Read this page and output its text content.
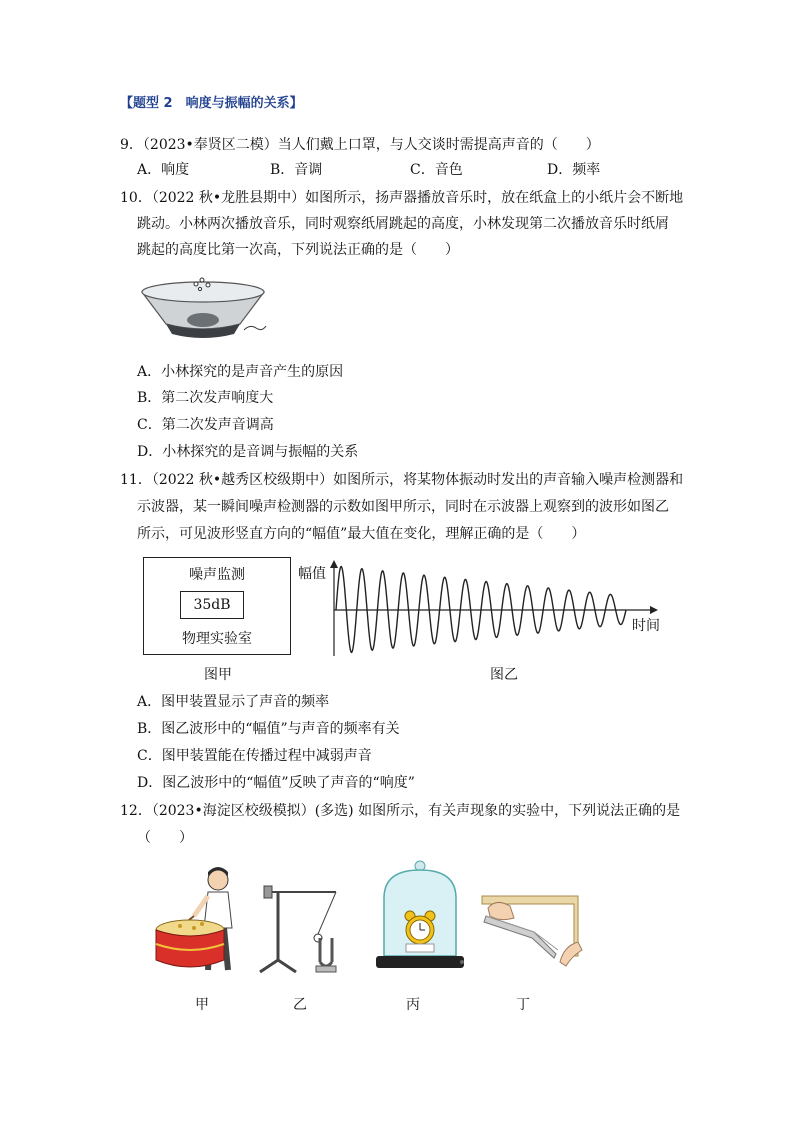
【题型 2　响度与振幅的关系】
9．（2023•奉贤区二模）当人们戴上口罩，与人交谈时需提高声音的（　　）
A．响度	B．音调	C．音色	D．频率
10．（2022 秋•龙胜县期中）如图所示，扬声器播放音乐时，放在纸盒上的小纸片会不断地
跳动。小林两次播放音乐，同时观察纸屑跳起的高度，小林发现第二次播放音乐时纸屑
跳起的高度比第一次高，下列说法正确的是（　　）
A．小林探究的是声音产生的原因
B．第二次发声响度大
C．第二次发声音调高
D．小林探究的是音调与振幅的关系
11．（2022 秋•越秀区校级期中）如图所示，将某物体振动时发出的声音输入噪声检测器和
示波器，某一瞬间噪声检测器的示数如图甲所示，同时在示波器上观察到的波形如图乙
所示，可见波形竖直方向的“幅值”最大值在变化，理解正确的是（　　）
噪声监测
35dB
物理实验室
图甲
幅值
时间
图乙
A．图甲装置显示了声音的频率
B．图乙波形中的“幅值”与声音的频率有关
C．图甲装置能在传播过程中减弱声音
D．图乙波形中的“幅值”反映了声音的“响度”
12．（2023•海淀区校级模拟）(多选) 如图所示，有关声现象的实验中，下列说法正确的是
（　　）
甲	乙	丙	丁
